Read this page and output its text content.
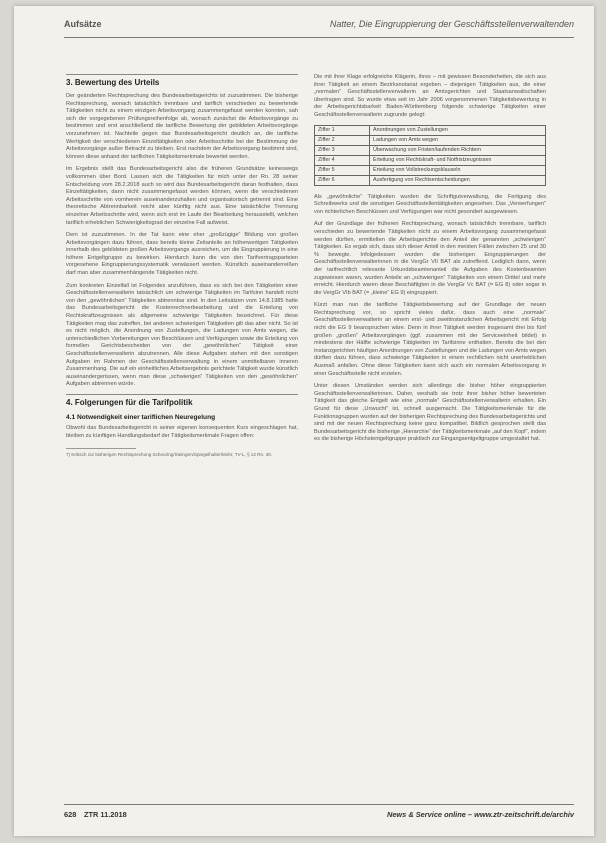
Aufsätze	Natter, Die Eingruppierung der Geschäftsstellenverwaltenden
3. Bewertung des Urteils

Der geänderten Rechtsprechung des Bundesarbeitsgerichts ist zuzustimmen. Die bisherige Rechtsprechung, wonach tatsächlich trennbare und tariflich verschieden zu bewertende Tätigkeiten nicht zu einem einzigen Arbeitsvorgang zusammengefasst werden konnten, sah sich der vorgegebenen Prüfungsreihenfolge ab, wonach zunächst die Arbeitsvorgänge zu bestimmen und erst anschließend die tarifliche Bewertung der gebildeten Arbeitsvorgänge vorzunehmen ist. Nachteile gegen das Bundesarbeitsgericht deutlich an, die tarifliche Wertigkeit der verschiedenen Einzeltätigkeiten oder Arbeitsschritte bei der Bestimmung der Arbeitsvorgänge außer Betracht zu bleiben. Erst nachdem der Arbeitsvorgang bestimmt sind, können diese anhand der tariflichen Tätigkeitsmerkmale bewertet werden.

Im Ergebnis stellt das Bundesarbeitsgericht also die früheren Grundsätze keineswegs vollkommen über Bord. Lassen sich die Tätigkeiten für mich unter der Rn. 28 seiner Entscheidung vom 28.2.2018 auch so wird das Bundesarbeitsgericht daran festhalten, dass Einzeltätigkeiten, dann nicht zusammengefasst werden können, wenn die verschiedenen Arbeitsschritte von vornherein auseinanderzuhalten und organisatorisch getrennt sind. Eine theoretische Abtrennbarkeit reicht aber künftig nicht aus. Eine tatsächliche Trennung einzelner Arbeitsschritte wird, wenn sich erst im Laufe der Bearbeitung herausstellt, welchen tariflich erheblichen Schwierigkeitsgrad der einzelne Fall aufweist.

Dem ist zuzustimmen. In der Tat kann eine eher „großzügige“ Bildung von großen Arbeitsvorgängen dazu führen, dass bereits kleine Zeitanteile an höherwertigen Tätigkeiten innerhalb des gebildeten großen Arbeitsvorgangs ausreichen, um die Eingruppierung in eine höhere Entgeltgruppe zu bewirken. Hierdurch kann die von den Tarifvertragsparteien vorgesehene Eingruppierungssystematik verwässert werden. Künstlich auseinanderreißen darf man aber zusammenhängende Tätigkeiten nicht.

Zum konkreten Einzelfall ist Folgendes anzuführen, dass es sich bei den Tätigkeiten einer Geschäftsstellenverwalterin tatsächlich um schwierige Tätigkeiten im Tarifsinn handelt nicht von den „gewöhnlichen“ Tätigkeiten abtrennbar sind. In den Leitsätzen vom 14.8.1985 hatte das Bundesarbeitsgericht die Kostenrechnerbearbeitung und die Erteilung von Rechtskraftzeugnissen als allgemeine schwierige Tätigkeiten bezeichnet. Für diese Tätigkeiten mag das zutreffen, bei anderen schwierigen Tätigkeiten gilt das aber nicht. So ist es nicht möglich, die Anordnung von Zustellungen, die Ladungen von Amts wegen, die unterschiedlichen Vorbereitungen von Beschlüssen und Verfügungen sowie die Erteilung von formellen Gerichtsbescheiden von der „gewöhnlichen“ Tätigkeit einer Geschäftsstellenverwalterin abzutrennen. Alle diese Aufgaben stehen mit den sonstigen Aufgaben im Rahmen der Geschäftsstellenverwaltung in einem unmittelbaren inneren Zusammenhang. Die auf ein einheitliches Arbeitsergebnis gerichtete Tätigkeit wurde künstlich auseinandergerissen, wenn man diese „schwierigen“ Tätigkeiten von den „gewöhnlichen“ Aufgaben abtrennen würde.

4. Folgerungen für die Tarifpolitik
4.1 Notwendigkeit einer tariflichen Neuregelung

Obwohl das Bundesarbeitsgericht in seiner eigenen konsequenten Kurs eingeschlagen hat, bleiben zu künftigen Handlungsbedarf der Tätigkeitsmerkmale Fragen offen:

7) Kritisch zur bisherigen Rechtsprechung Scheuring/Steingen/Spiegelhalter/Mohr, TV-L, § 12 Rn. 40.

Die mit ihrer Klage erfolgreiche Klägerin, ihres – mit gewissen Besonderheiten, die sich aus ihrer Tätigkeit an einem Bezirksnotariat ergeben – diejenigen Tätigkeiten aus, die einer „normalen“ Geschäftsstellenverwalterin an Amtsgerichten und Staatsanwaltschaften übertragen sind. So wurde etwa seit im Jahr 2006 vorgenommenen Tätigkeitsbewertung in der Arbeitsgerichtsbarkeit Baden-Württemberg folgende schwierige Tätigkeiten einer Geschäftsstellenverwalterin zugrunde gelegt:

Ziffer 1	Anordnungen von Zustellungen
Ziffer 2	Ladungen von Amts wegen
Ziffer 3	Überwachung von Fristen/laufenden Richtern
Ziffer 4	Erteilung von Rechtskraft- und Notfristzeugnissen
Ziffer 5	Erteilung von Vollstreckungsklauseln
Ziffer 6	Ausfertigung von Rechtsentscheidungen

Als „gewöhnliche“ Tätigkeiten wurden die Schriftgutverwaltung, die Fertigung des Schreibwerks und die sonstigen Geschäftsstellentätigkeiten angesehen. Das „Verwerfungen“ von richterlichen Beschlüssen und Verfügungen war nicht gesondert ausgewiesen.

Auf der Grundlage der früheren Rechtsprechung, wonach tatsächlich trennbare, tariflich verschieden zu bewertende Tätigkeiten nicht zu einem Arbeitsvorgang zusammengefasst werden dürften, ermittelten die Arbeitsgerichte den Anteil der genannten „schwierigen“ Tätigkeiten. Es ergab sich, dass sich dieser Anteil in den meisten Fällen zwischen 25 und 30 % bewegte. Infolgedessen wurden die bisherigen Eingruppierungen der Geschäftsstellenverwalterinnen in die VergGr VII BAT als zutreffend. Lediglich dann, wenn der tarifrechtlich relevante Urkundsbeamtenanteil die Aufgaben des Kostenbeamten zugewiesen waren, wurden Anteile an „schwierigen“ Tätigkeiten von einem Drittel und mehr erreicht. Hierdurch waren diese Beschäftigten in die VergGr Vc BAT (= EG 8) oder sogar in die VergGr VIb BAT (= „kleine“ EG 9) eingruppiert.

Kürzt man nun die tarifliche Tätigkeitsbewertung auf der Grundlage der neuen Rechtsprechung vor, so spricht vieles dafür, dass auch eine „normale“ Geschäftsstellenverwalterin an einem erst- und zweitinstanzlichen Arbeitsgericht mit Erfolg nicht die EG 9 beanspruchen wäre. Denn in ihrer Tätigkeit werden insgesamt drei bis fünf großen „großen“ Arbeitsvorgängen (ggf. zusammen mit der Serviceeinheit bildet) in mindestens der Hälfte schwierige Tätigkeiten im Tarifsinne enthalten. Bereits die bei den Instanzgerichten häufigen Anordnungen von Zustellungen und die Ladungen von Amts wegen dürften dazu führen, dass schwierige Tätigkeiten in einem rechtlichen nicht unerheblichen Ausmaß anfallen. Ohne diese Tätigkeiten kann sich auch ein normalen Arbeitsvorgang in einer Geschäftsstelle nicht erzielen.

Unter diesen Umständen werden sich allerdings die bisher höher eingruppierten Geschäftsstellenverwalterinnen. Daher, weshalb sie trotz ihrer bisher höher bewerteten Tätigkeit das gleiche Entgelt wie eine „normale“ Geschäftsstellenverwalterin erhalten. Ein Grund für diese „Unwucht“ ist, schnell ausgemacht. Die Tätigkeitsmerkmale für die Funktionsgruppen wurden auf der bisherigen Rechtsprechung des Bundesarbeitsgerichts und sind mit der neuen Rechtsprechung keine ganz kompatibel. Bildlich gesprochen stellt das Bundesarbeitsgericht die bisherige „Hierarchie“ der Tätigkeitsmerkmale „auf den Kopf“, indem es die bisherige Höchstentgeltgruppe praktisch zur Eingangsentgeltgruppe umgestaltet hat.

628 ZTR 11.2018	News & Service online – www.ztr-zeitschrift.de/archiv
